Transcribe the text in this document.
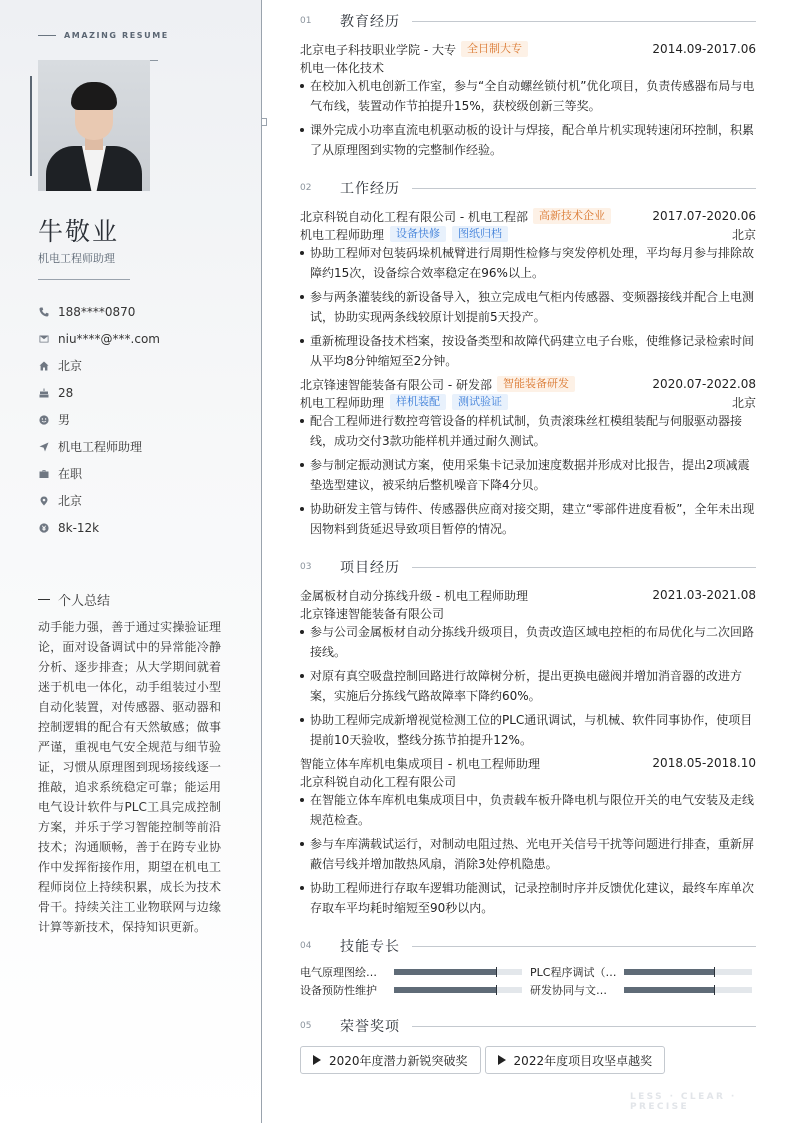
AMAZING RESUME
牛敬业
机电工程师助理
188****0870
niu****@***.com
北京
28
男
机电工程师助理
在职
北京
8k-12k
个人总结
动手能力强，善于通过实操验证理论，面对设备调试中的异常能冷静分析、逐步排查；从大学期间就着迷于机电一体化，动手组装过小型自动化装置，对传感器、驱动器和控制逻辑的配合有天然敏感；做事严谨，重视电气安全规范与细节验证，习惯从原理图到现场接线逐一推敲，追求系统稳定可靠；能运用电气设计软件与PLC工具完成控制方案，并乐于学习智能控制等前沿技术；沟通顺畅，善于在跨专业协作中发挥衔接作用，期望在机电工程师岗位上持续积累，成长为技术骨干。持续关注工业物联网与边缘计算等新技术，保持知识更新。
01	教育经历
北京电子科技职业学院 - 大专	全日制大专	2014.09-2017.06
机电一体化技术
在校加入机电创新工作室，参与“全自动螺丝锁付机”优化项目，负责传感器布局与电气布线，装置动作节拍提升15%，获校级创新三等奖。
课外完成小功率直流电机驱动板的设计与焊接，配合单片机实现转速闭环控制，积累了从原理图到实物的完整制作经验。
02	工作经历
北京科锐自动化工程有限公司 - 机电工程部	高新技术企业	2017.07-2020.06
机电工程师助理	设备快修	图纸归档	北京
协助工程师对包装码垛机械臂进行周期性检修与突发停机处理，平均每月参与排除故障约15次，设备综合效率稳定在96%以上。
参与两条灌装线的新设备导入，独立完成电气柜内传感器、变频器接线并配合上电测试，协助实现两条线较原计划提前5天投产。
重新梳理设备技术档案，按设备类型和故障代码建立电子台账，使维修记录检索时间从平均8分钟缩短至2分钟。
北京锋速智能装备有限公司 - 研发部	智能装备研发	2020.07-2022.08
机电工程师助理	样机装配	测试验证	北京
配合工程师进行数控弯管设备的样机试制，负责滚珠丝杠模组装配与伺服驱动器接线，成功交付3款功能样机并通过耐久测试。
参与制定振动测试方案，使用采集卡记录加速度数据并形成对比报告，提出2项减震垫选型建议，被采纳后整机噪音下降4分贝。
协助研发主管与铸件、传感器供应商对接交期，建立“零部件进度看板”，全年未出现因物料到货延迟导致项目暂停的情况。
03	项目经历
金属板材自动分拣线升级 - 机电工程师助理	2021.03-2021.08
北京锋速智能装备有限公司
参与公司金属板材自动分拣线升级项目，负责改造区域电控柜的布局优化与二次回路接线。
对原有真空吸盘控制回路进行故障树分析，提出更换电磁阀并增加消音器的改进方案，实施后分拣线气路故障率下降约60%。
协助工程师完成新增视觉检测工位的PLC通讯调试，与机械、软件同事协作，使项目提前10天验收，整线分拣节拍提升12%。
智能立体车库机电集成项目 - 机电工程师助理	2018.05-2018.10
北京科锐自动化工程有限公司
在智能立体车库机电集成项目中，负责载车板升降电机与限位开关的电气安装及走线规范检查。
参与车库满载试运行，对制动电阻过热、光电开关信号干扰等问题进行排查，重新屏蔽信号线并增加散热风扇，消除3处停机隐患。
协助工程师进行存取车逻辑功能测试，记录控制时序并反馈优化建议，最终车库单次存取车平均耗时缩短至90秒以内。
04	技能专长
电气原理图绘…	PLC程序调试（…
设备预防性维护	研发协同与文…
05	荣誉奖项
2020年度潜力新锐突破奖	2022年度项目攻坚卓越奖
LESS · CLEAR · PRECISE
